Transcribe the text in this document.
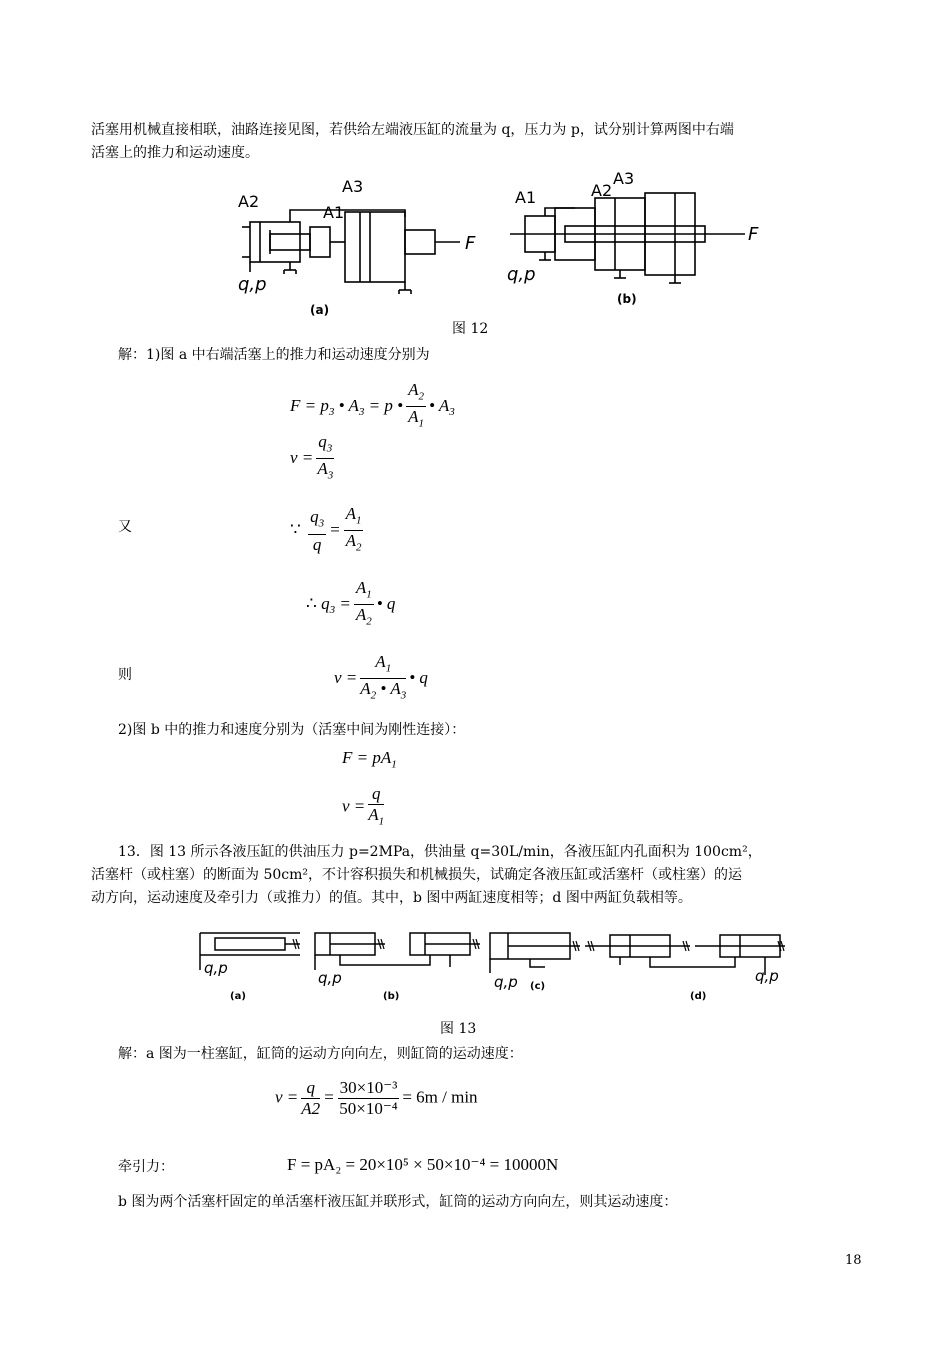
活塞用机械直接相联，油路连接见图，若供给左端液压缸的流量为 q，压力为 p，试分别计算两图中右端
活塞上的推力和运动速度。
A2
A3
A1
q,p
F
(a)
A1	A2
A3
q,p
F
(b)
图 12
解：1)图 a 中右端活塞上的推力和运动速度分别为
$F = p_3$ • $A_3 = p$ • $\frac{A_2}{A_1}$ • $A_3$
$v = \frac{q_3}{A_3}$
又	∵ $\frac{q_3}{q} = \frac{A_1}{A_2}$
∴ $q_3 = \frac{A_1}{A_2}$ • q
则	$v = \frac{A_1}{A_2 • A_3}$ • q
2)图 b 中的推力和速度分别为（活塞中间为刚性连接）：
$F = pA_1$
$v = \frac{q}{A_1}$
13．图 13 所示各液压缸的供油压力 p=2MPa，供油量 q=30L/min，各液压缸内孔面积为 100cm²，
活塞杆（或柱塞）的断面为 50cm²，不计容积损失和机械损失，试确定各液压缸或活塞杆（或柱塞）的运
动方向，运动速度及牵引力（或推力）的值。其中，b 图中两缸速度相等；d 图中两缸负载相等。
q,p
q,p	q,p	q,p
(a)	(b)
(c)
(d)
图 13
解：a 图为一柱塞缸，缸筒的运动方向向左，则缸筒的运动速度：
$v = \frac{q}{A2} = \frac{\text{30×10⁻³}}{\text{50×10⁻⁴}} = 6m / \min$
牵引力：	F = pA₂ = 20×10⁵ × 50×10⁻⁴ = 10000N
b 图为两个活塞杆固定的单活塞杆液压缸并联形式，缸筒的运动方向向左，则其运动速度：
18
